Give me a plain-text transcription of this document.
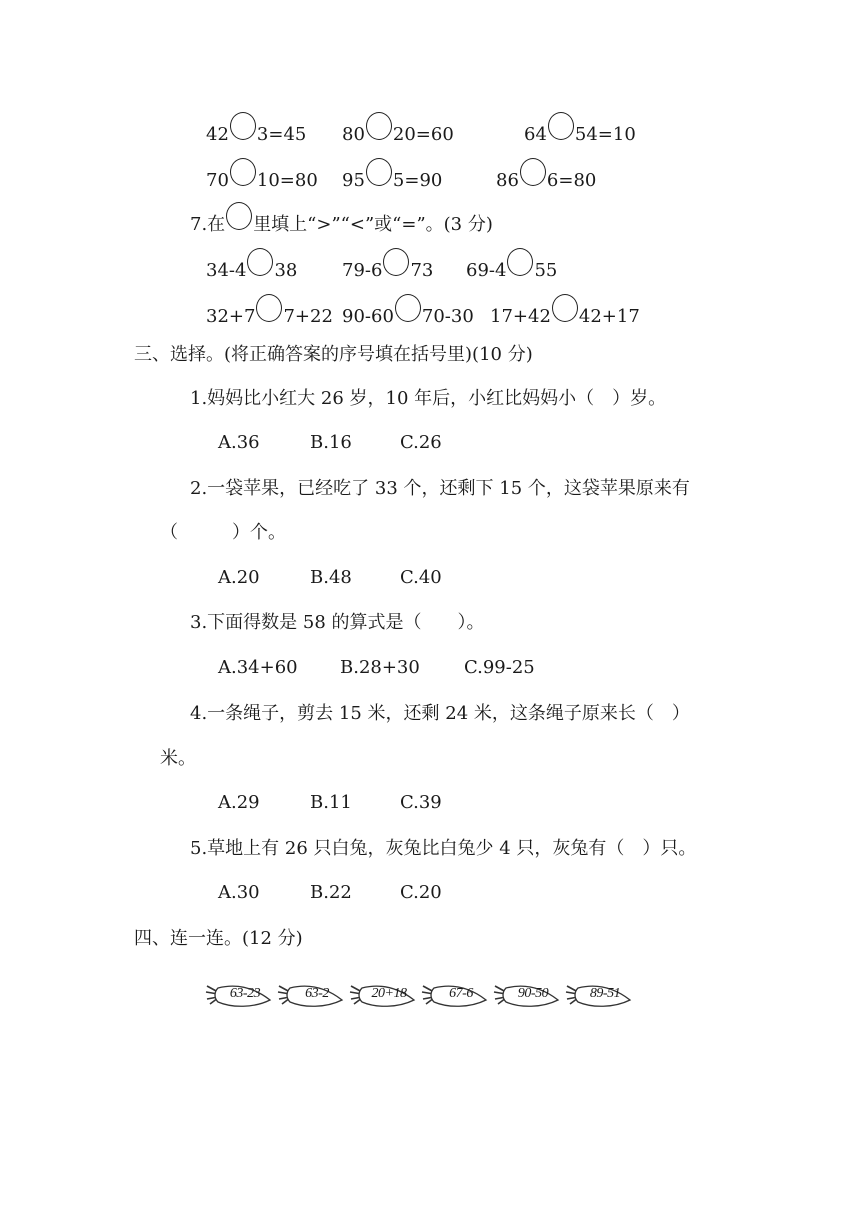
42 3=45 80 20=60	64 54=10
70 10=80 95 5=90	86 6=80
7.在 里填上“>”“<”或“=”。(3 分)
34-4 38 79-6 73 69-4 55
32+7 7+22 90-60 70-30 17+42 42+17
三、选择。(将正确答案的序号填在括号里)(10 分)
1.妈妈比小红大 26 岁，10 年后，小红比妈妈小（　）岁。
A.36	B.16	C.26
2.一袋苹果，已经吃了 33 个，还剩下 15 个，这袋苹果原来有
（　　　）个。
A.20	B.48	C.40
3.下面得数是 58 的算式是（　　）。
A.34+60 B.28+30 C.99-25
4.一条绳子，剪去 15 米，还剩 24 米，这条绳子原来长（　）
米。
A.29	B.11	C.39
5.草地上有 26 只白兔，灰兔比白兔少 4 只，灰兔有（　）只。
A.30	B.22	C.20
四、连一连。(12 分)
63-23	63-2	20+18	67-6	90-50	89-51
